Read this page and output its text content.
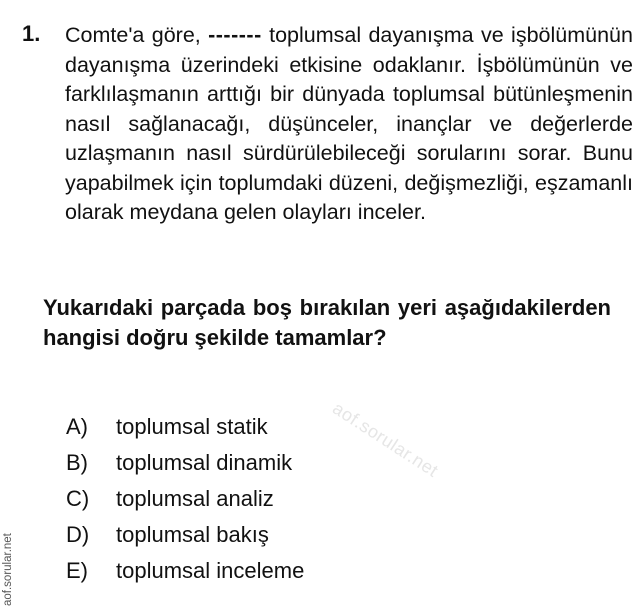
1. Comte'a göre, ------- toplumsal dayanışma ve işbölümünün dayanışma üzerindeki etkisine odaklanır. İşbölümünün ve farklılaşmanın arttığı bir dünyada toplumsal bütünleşmenin nasıl sağlanacağı, düşünceler, inançlar ve değerlerde uzlaşmanın nasıl sürdürülebileceği sorularını sorar. Bunu yapabilmek için toplumdaki düzeni, değişmezliği, eşzamanlı olarak meydana gelen olayları inceler.
Yukarıdaki parçada boş bırakılan yeri aşağıdakilerden hangisi doğru şekilde tamamlar?
A)	toplumsal statik
B)	toplumsal dinamik
C)	toplumsal analiz
D)	toplumsal bakış
E)	toplumsal inceleme
aof.sorular.net
aof.sorular.net
